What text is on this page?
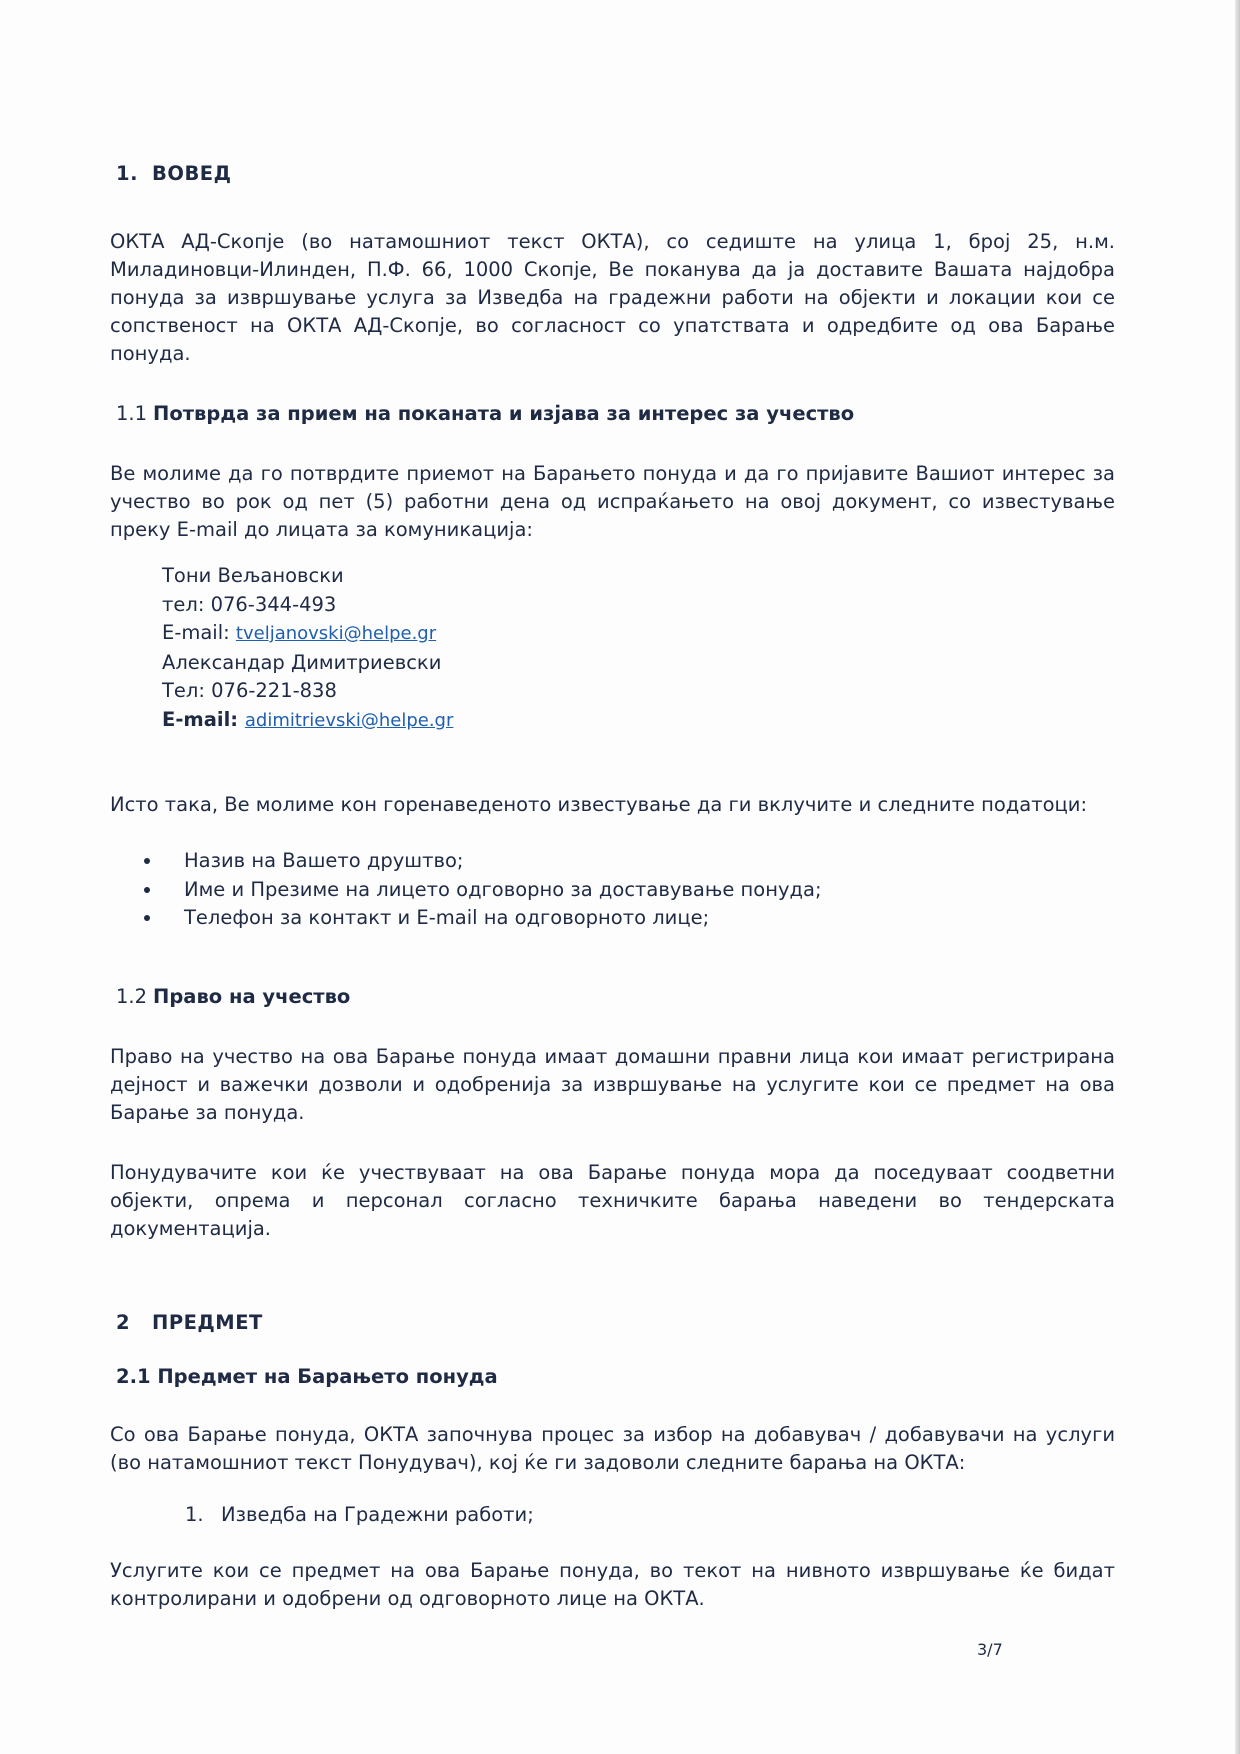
1. ВОВЕД

ОКТА АД-Скопје (во натамошниот текст ОКТА), со седиште на улица 1, број 25, н.м. Миладиновци-Илинден, П.Ф. 66, 1000 Скопје, Ве поканува да ја доставите Вашата најдобра понуда за извршување услуга за Изведба на градежни работи на објекти и локации кои се сопственост на ОКТА АД-Скопје, во согласност со упатствата и одредбите од ова Барање понуда.

1.1 Потврда за прием на поканата и изјава за интерес за учество

Ве молиме да го потврдите приемот на Барањето понуда и да го пријавите Вашиот интерес за учество во рок од пет (5) работни дена од испраќањето на овој документ, со известување преку E-mail до лицата за комуникација:

Тони Вељановски
тел: 076-344-493
E-mail: tveljanovski@helpe.gr
Александар Димитриевски
Тел: 076-221-838
E-mail: adimitrievski@helpe.gr

Исто така, Ве молиме кон горенаведеното известување да ги вклучите и следните податоци:

Назив на Вашето друштво;
Име и Презиме на лицето одговорно за доставување понуда;
Телефон за контакт и E-mail на одговорното лице;
1.2 Право на учество

Право на учество на ова Барање понуда имаат домашни правни лица кои имаат регистрирана дејност и важечки дозволи и одобренија за извршување на услугите кои се предмет на ова Барање за понуда.

Понудувачите кои ќе учествуваат на ова Барање понуда мора да поседуваат соодветни објекти, опрема и персонал согласно техничките барања наведени во тендерската документација.

2 ПРЕДМЕТ
2.1 Предмет на Барањето понуда

Со ова Барање понуда, ОКТА започнува процес за избор на добавувач / добавувачи на услуги (во натамошниот текст Понудувач), кој ќе ги задоволи следните барања на ОКТА:

1. Изведба на Градежни работи;

Услугите кои се предмет на ова Барање понуда, во текот на нивното извршување ќе бидат контролирани и одобрени од одговорното лице на ОКТА.

3/7
